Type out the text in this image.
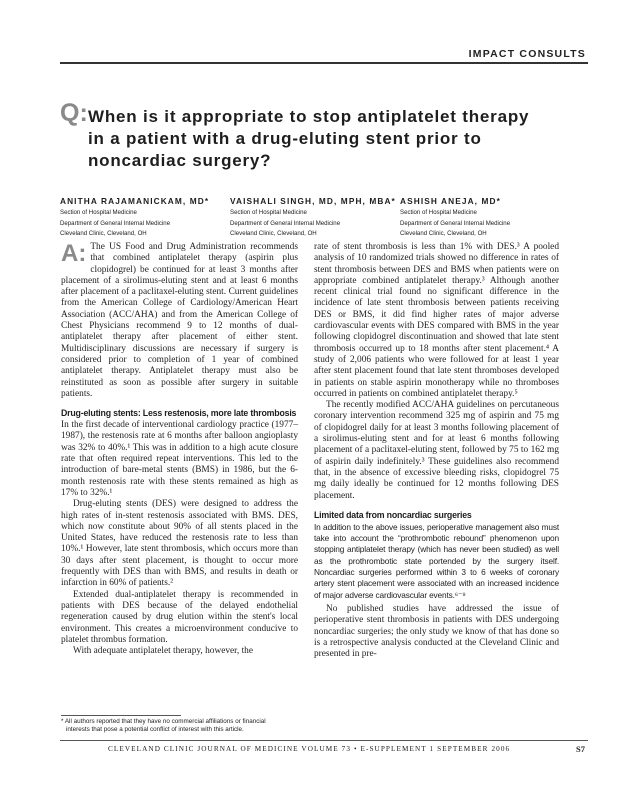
IMPACT CONSULTS
Q: When is it appropriate to stop antiplatelet therapy
in a patient with a drug-eluting stent prior to
noncardiac surgery?
ANITHA RAJAMANICKAM, MD*
Section of Hospital Medicine
Department of General Internal Medicine
Cleveland Clinic, Cleveland, OH
VAISHALI SINGH, MD, MPH, MBA*
Section of Hospital Medicine
Department of General Internal Medicine
Cleveland Clinic, Cleveland, OH
ASHISH ANEJA, MD*
Section of Hospital Medicine
Department of General Internal Medicine
Cleveland Clinic, Cleveland, OH

A: The US Food and Drug Administration recommends that combined antiplatelet therapy (aspirin plus clopidogrel) be continued for at least 3 months after placement of a sirolimus-eluting stent and at least 6 months after placement of a paclitaxel-eluting stent. Current guidelines from the American College of Cardiology/American Heart Association (ACC/AHA) and from the American College of Chest Physicians recommend 9 to 12 months of dual-antiplatelet therapy after placement of either stent. Multidisciplinary discussions are necessary if surgery is considered prior to completion of 1 year of combined antiplatelet therapy. Antiplatelet therapy must also be reinstituted as soon as possible after surgery in suitable patients.

Drug-eluting stents: Less restenosis, more late thrombosis

In the first decade of interventional cardiology practice (1977–1987), the restenosis rate at 6 months after balloon angioplasty was 32% to 40%.¹ This was in addition to a high acute closure rate that often required repeat interventions. This led to the introduction of bare-metal stents (BMS) in 1986, but the 6-month restenosis rate with these stents remained as high as 17% to 32%.¹

Drug-eluting stents (DES) were designed to address the high rates of in-stent restenosis associated with BMS. DES, which now constitute about 90% of all stents placed in the United States, have reduced the restenosis rate to less than 10%.¹ However, late stent thrombosis, which occurs more than 30 days after stent placement, is thought to occur more frequently with DES than with BMS, and results in death or infarction in 60% of patients.²

Extended dual-antiplatelet therapy is recommended in patients with DES because of the delayed endothelial regeneration caused by drug elution within the stent's local environment. This creates a microenvironment conducive to platelet thrombus formation.

With adequate antiplatelet therapy, however, the

rate of stent thrombosis is less than 1% with DES.³ A pooled analysis of 10 randomized trials showed no difference in rates of stent thrombosis between DES and BMS when patients were on appropriate combined antiplatelet therapy.³ Although another recent clinical trial found no significant difference in the incidence of late stent thrombosis between patients receiving DES or BMS, it did find higher rates of major adverse cardiovascular events with DES compared with BMS in the year following clopidogrel discontinuation and showed that late stent thrombosis occurred up to 18 months after stent placement.⁴ A study of 2,006 patients who were followed for at least 1 year after stent placement found that late stent thromboses developed in patients on stable aspirin monotherapy while no thromboses occurred in patients on combined antiplatelet therapy.⁵

The recently modified ACC/AHA guidelines on percutaneous coronary intervention recommend 325 mg of aspirin and 75 mg of clopidogrel daily for at least 3 months following placement of a sirolimus-eluting stent and for at least 6 months following placement of a paclitaxel-eluting stent, followed by 75 to 162 mg of aspirin daily indefinitely.³ These guidelines also recommend that, in the absence of excessive bleeding risks, clopidogrel 75 mg daily ideally be continued for 12 months following DES placement.

Limited data from noncardiac surgeries

In addition to the above issues, perioperative management also must take into account the “prothrombotic rebound” phenomenon upon stopping antiplatelet therapy (which has never been studied) as well as the prothrombotic state portended by the surgery itself. Noncardiac surgeries performed within 3 to 6 weeks of coronary artery stent placement were associated with an increased incidence of major adverse cardiovascular events.⁶⁻⁹

No published studies have addressed the issue of perioperative stent thrombosis in patients with DES undergoing noncardiac surgeries; the only study we know of that has done so is a retrospective analysis conducted at the Cleveland Clinic and presented in pre-

* All authors reported that they have no commercial affiliations or financial
interests that pose a potential conflict of interest with this article.
CLEVELAND CLINIC JOURNAL OF MEDICINE VOLUME 73 • E-SUPPLEMENT 1 SEPTEMBER 2006	S7
